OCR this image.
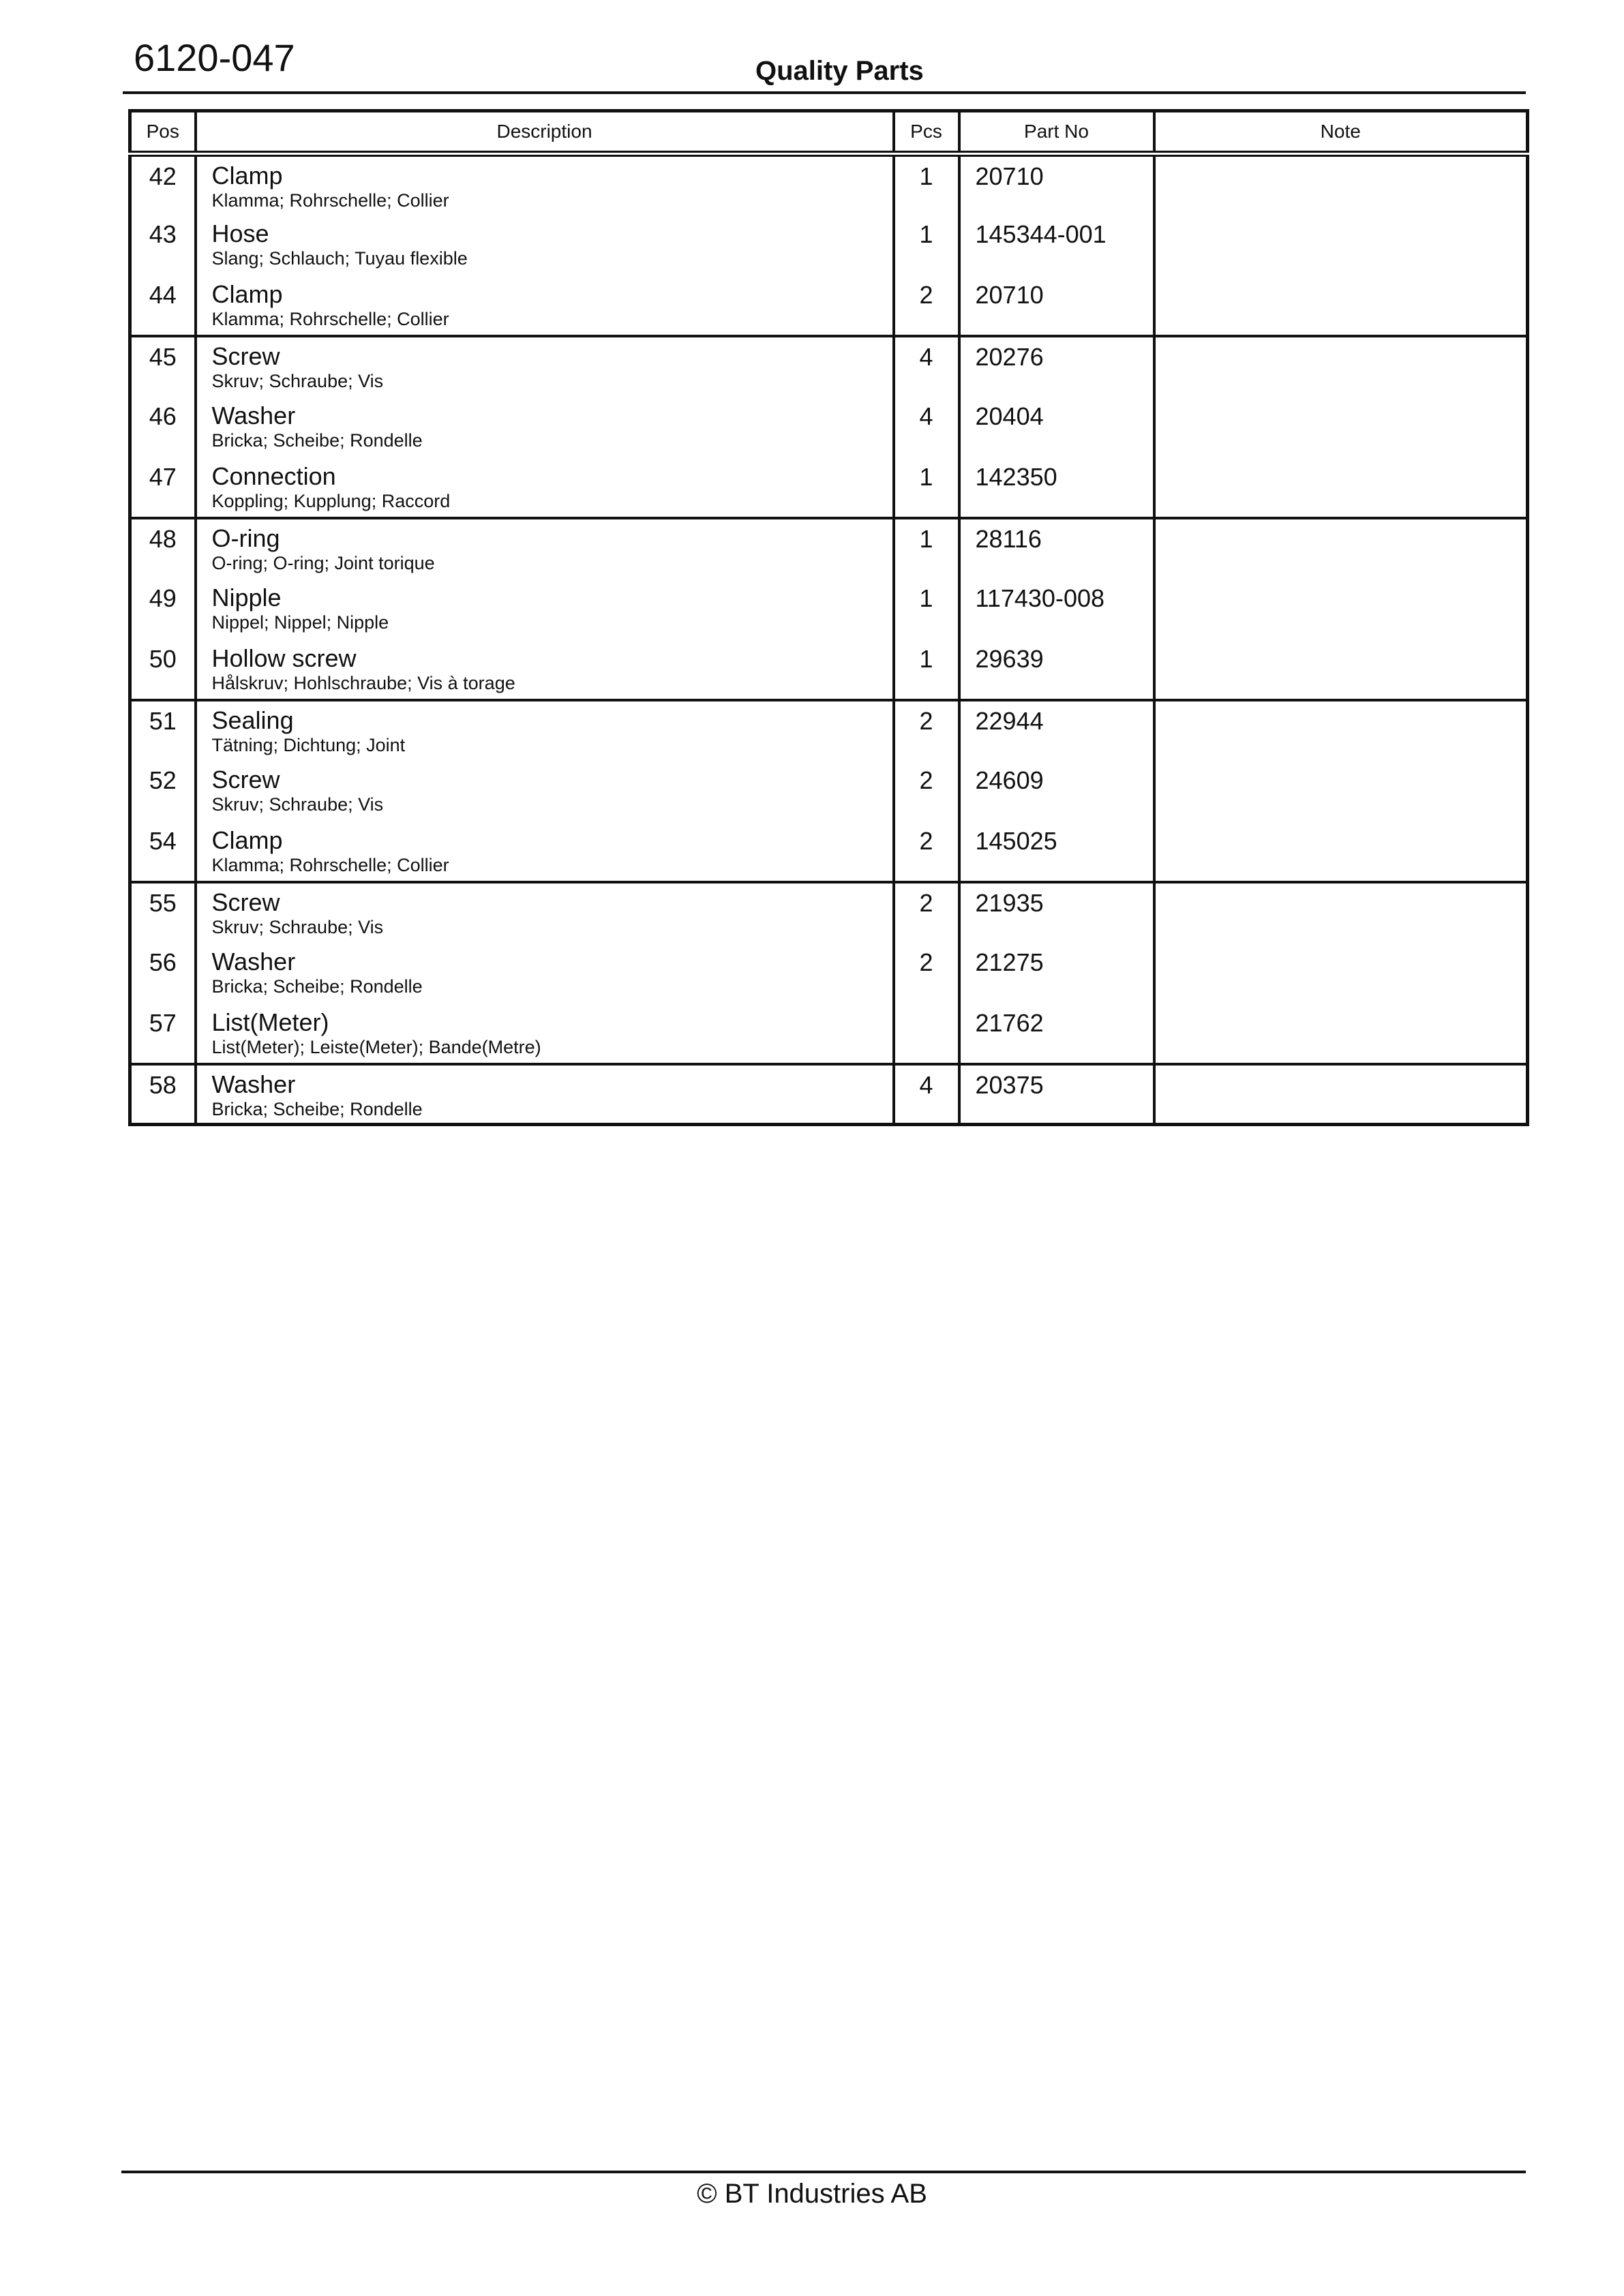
6120-047	Quality Parts
Pos	Description	Pcs	Part No	Note
42	Clamp
Klamma; Rohrschelle; Collier	1	20710	
43	Hose
Slang; Schlauch; Tuyau flexible	1	145344-001	
44	Clamp
Klamma; Rohrschelle; Collier	2	20710	
45	Screw
Skruv; Schraube; Vis	4	20276	
46	Washer
Bricka; Scheibe; Rondelle	4	20404	
47	Connection
Koppling; Kupplung; Raccord	1	142350	
48	O-ring
O-ring; O-ring; Joint torique	1	28116	
49	Nipple
Nippel; Nippel; Nipple	1	117430-008	
50	Hollow screw
Hålskruv; Hohlschraube; Vis à torage	1	29639	
51	Sealing
Tätning; Dichtung; Joint	2	22944	
52	Screw
Skruv; Schraube; Vis	2	24609	
54	Clamp
Klamma; Rohrschelle; Collier	2	145025	
55	Screw
Skruv; Schraube; Vis	2	21935	
56	Washer
Bricka; Scheibe; Rondelle	2	21275	
57	List(Meter)
List(Meter); Leiste(Meter); Bande(Metre)		21762	
58	Washer
Bricka; Scheibe; Rondelle	4	20375	
© BT Industries AB
